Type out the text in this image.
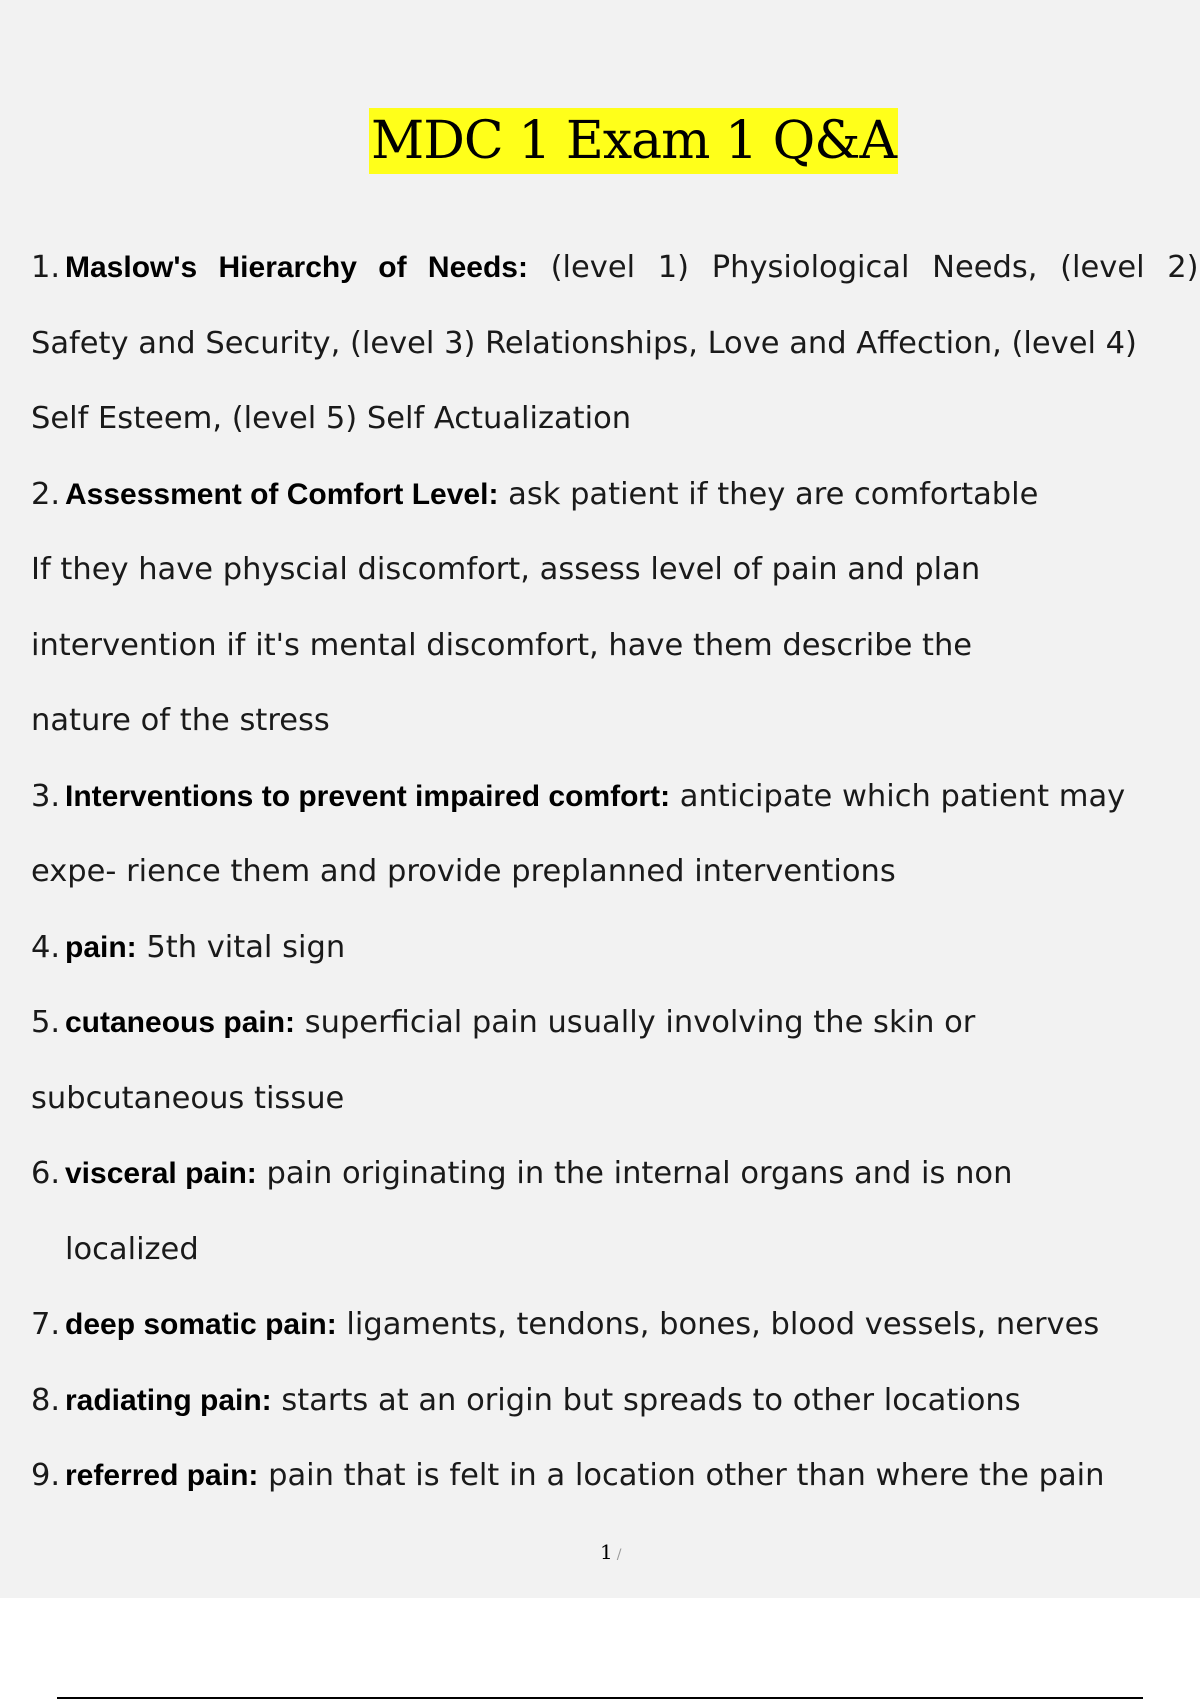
MDC 1 Exam 1 Q&A
1. Maslow's Hierarchy of Needs: (level 1) Physiological Needs, (level 2)
Safety and Security, (level 3) Relationships, Love and Affection, (level 4)
Self Esteem, (level 5) Self Actualization
2. Assessment of Comfort Level: ask patient if they are comfortable
If they have physcial discomfort, assess level of pain and plan
intervention if it's mental discomfort, have them describe the
nature of the stress
3. Interventions to prevent impaired comfort: anticipate which patient may
expe- rience them and provide preplanned interventions
4. pain: 5th vital sign
5. cutaneous pain: superficial pain usually involving the skin or
subcutaneous tissue
6. visceral pain: pain originating in the internal organs and is non
localized
7. deep somatic pain: ligaments, tendons, bones, blood vessels, nerves
8. radiating pain: starts at an origin but spreads to other locations
9. referred pain: pain that is felt in a location other than where the pain
1 /
